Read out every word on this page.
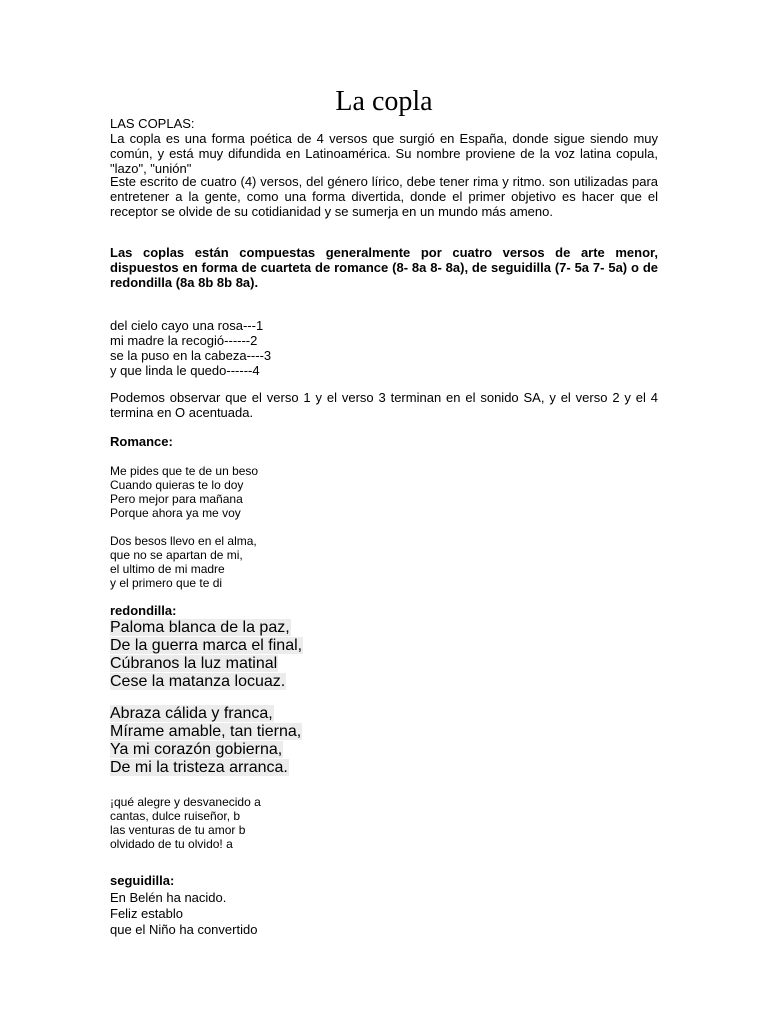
La copla
LAS COPLAS:
La copla es una forma poética de 4 versos que surgió en España, donde sigue siendo muy común, y está muy difundida en Latinoamérica. Su nombre proviene de la voz latina copula, "lazo", "unión"
Este escrito de cuatro (4) versos, del género lírico, debe tener rima y ritmo. son utilizadas para entretener a la gente, como una forma divertida, donde el primer objetivo es hacer que el receptor se olvide de su cotidianidad y se sumerja en un mundo más ameno.
Las coplas están compuestas generalmente por cuatro versos de arte menor, dispuestos en forma de cuarteta de romance (8- 8a 8- 8a), de seguidilla (7- 5a 7- 5a) o de redondilla (8a 8b 8b 8a).
del cielo cayo una rosa---1
mi madre la recogió------2
se la puso en la cabeza----3
y que linda le quedo------4
Podemos observar que el verso 1 y el verso 3 terminan en el sonido SA, y el verso 2 y el 4 termina en O acentuada.
Romance:
Me pides que te de un beso
Cuando quieras te lo doy
Pero mejor para mañana
Porque ahora ya me voy
Dos besos llevo en el alma,
que no se apartan de mi,
el ultimo de mi madre
y el primero que te di
redondilla:
Paloma blanca de la paz,
De la guerra marca el final,
Cúbranos la luz matinal
Cese la matanza locuaz.
Abraza cálida y franca,
Mírame amable, tan tierna,
Ya mi corazón gobierna,
De mi la tristeza arranca.
¡qué alegre y desvanecido a
cantas, dulce ruiseñor, b
las venturas de tu amor b
olvidado de tu olvido! a
seguidilla:
En Belén ha nacido.
Feliz establo
que el Niño ha convertido
